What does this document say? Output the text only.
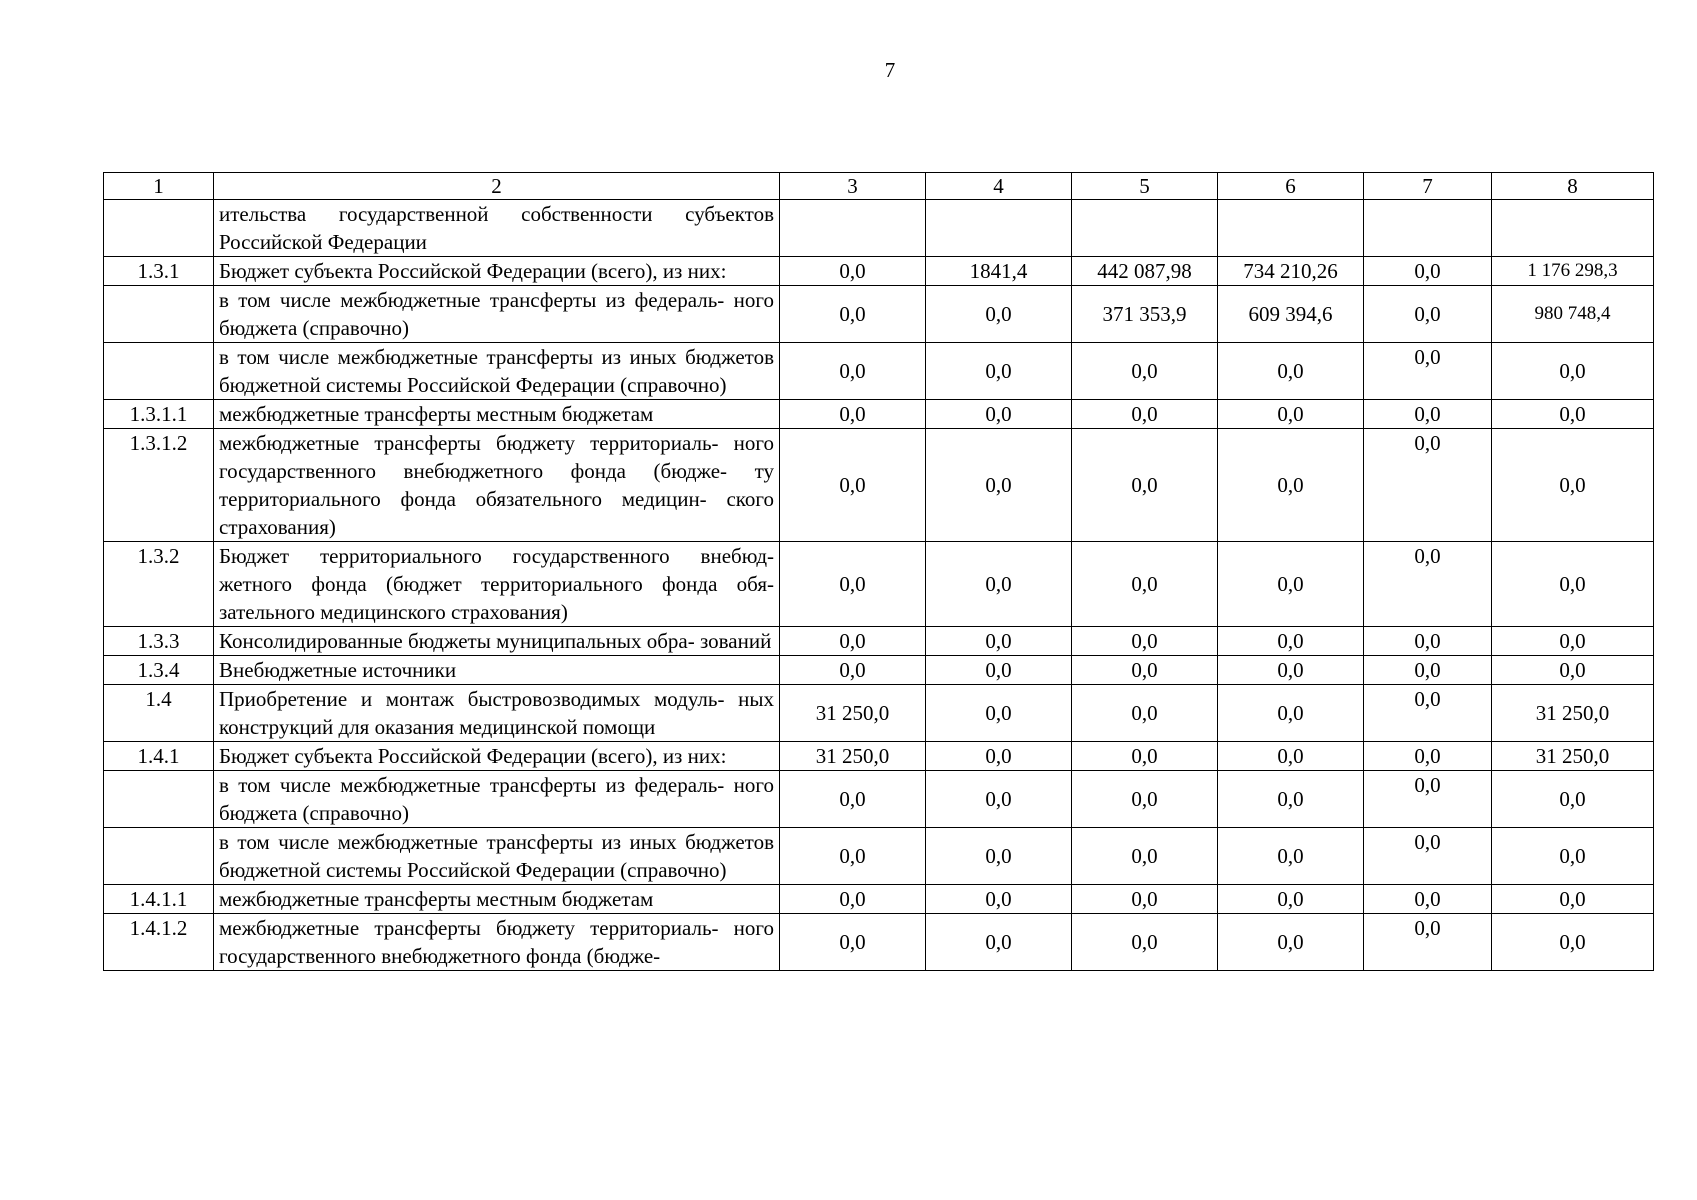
7
1	2	3	4	5	6	7	8
	ительства государственной собственности субъектов Российской Федерации						
1.3.1	Бюджет субъекта Российской Федерации (всего), из них:	0,0	1841,4	442 087,98	734 210,26	0,0	1 176 298,3
	в том числе межбюджетные трансферты из федераль- ного бюджета (справочно)	0,0	0,0	371 353,9	609 394,6	0,0	980 748,4
	в том числе межбюджетные трансферты из иных бюджетов бюджетной системы Российской Федерации (справочно)	0,0	0,0	0,0	0,0	0,0	0,0
1.3.1.1	межбюджетные трансферты местным бюджетам	0,0	0,0	0,0	0,0	0,0	0,0
1.3.1.2	межбюджетные трансферты бюджету территориаль- ного государственного внебюджетного фонда (бюдже- ту территориального фонда обязательного медицин- ского страхования)	0,0	0,0	0,0	0,0	0,0	0,0
1.3.2	Бюджет территориального государственного внебюд- жетного фонда (бюджет территориального фонда обя- зательного медицинского страхования)	0,0	0,0	0,0	0,0	0,0	0,0
1.3.3	Консолидированные бюджеты муниципальных обра- зований	0,0	0,0	0,0	0,0	0,0	0,0
1.3.4	Внебюджетные источники	0,0	0,0	0,0	0,0	0,0	0,0
1.4	Приобретение и монтаж быстровозводимых модуль- ных конструкций для оказания медицинской помощи	31 250,0	0,0	0,0	0,0	0,0	31 250,0
1.4.1	Бюджет субъекта Российской Федерации (всего), из них:	31 250,0	0,0	0,0	0,0	0,0	31 250,0
	в том числе межбюджетные трансферты из федераль- ного бюджета (справочно)	0,0	0,0	0,0	0,0	0,0	0,0
	в том числе межбюджетные трансферты из иных бюджетов бюджетной системы Российской Федерации (справочно)	0,0	0,0	0,0	0,0	0,0	0,0
1.4.1.1	межбюджетные трансферты местным бюджетам	0,0	0,0	0,0	0,0	0,0	0,0
1.4.1.2	межбюджетные трансферты бюджету территориаль- ного государственного внебюджетного фонда (бюдже-	0,0	0,0	0,0	0,0	0,0	0,0
